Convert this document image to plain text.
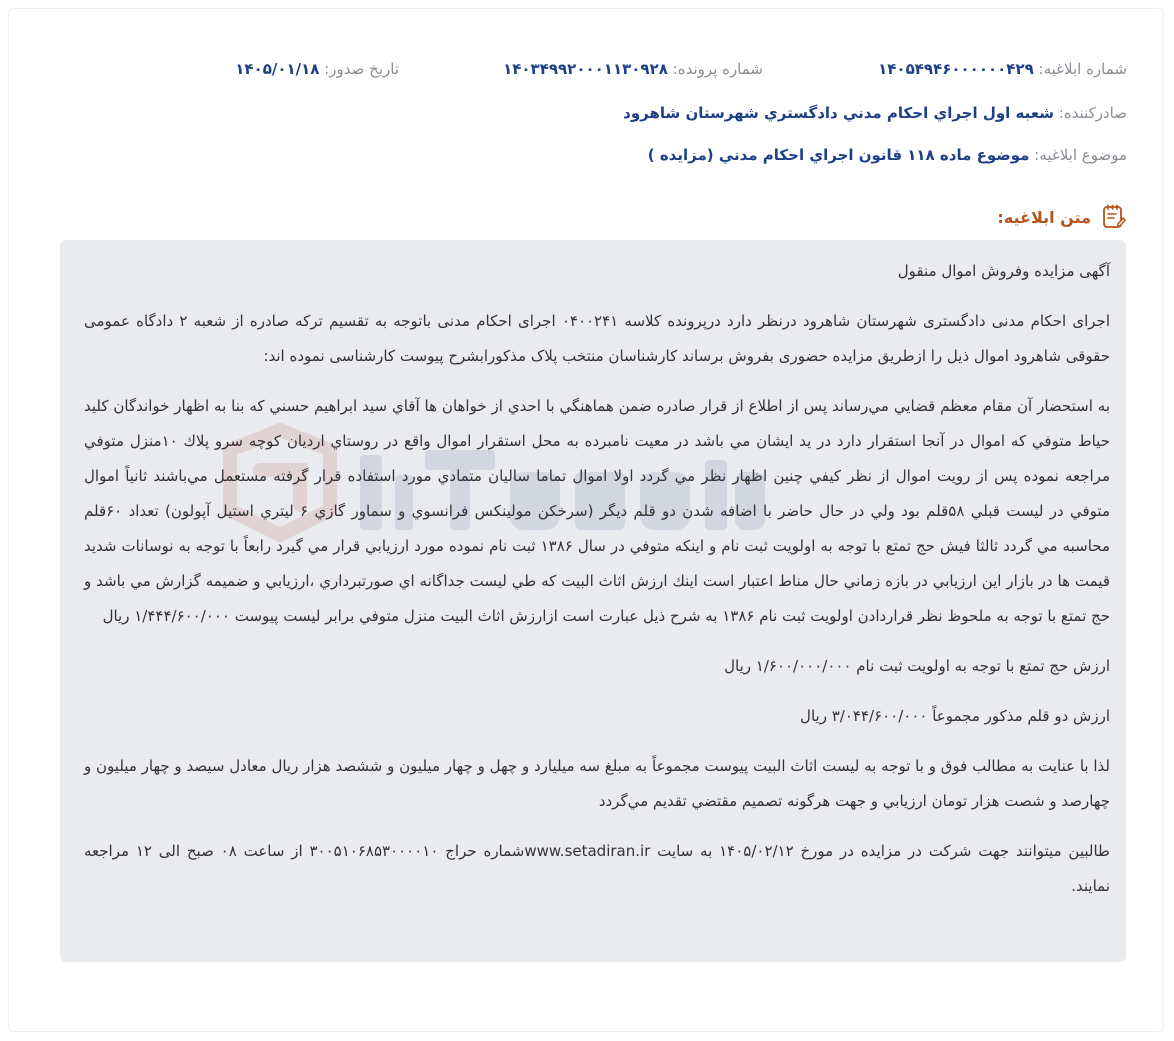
شماره ابلاغیه: ۱۴۰۵۴۹۴۶۰۰۰۰۰۰۴۲۹
شماره پرونده: ۱۴۰۳۴۹۹۲۰۰۰۱۱۳۰۹۲۸
تاریخ صدور: ۱۴۰۵/۰۱/۱۸
صادرکننده: شعبه اول اجراي احكام مدني دادگستري شهرستان شاهرود
موضوع ابلاغیه: موضوع ماده ١١٨ قانون اجراي احكام مدني (مزايده )
متن ابلاغیه:

آگهی مزایده وفروش اموال منقول

اجرای احکام مدنی دادگستری شهرستان شاهرود درنظر دارد درپرونده کلاسه ۰۴۰۰۲۴۱ اجرای احکام مدنی باتوجه به تقسیم ترکه صادره از شعبه ۲ دادگاه عمومی حقوقی شاهرود اموال ذیل را ازطریق مزایده حضوری بفروش برساند کارشناسان منتخب پلاک مذکورابشرح پیوست کارشناسی نموده اند:

به استحضار آن مقام معظم قضايي مي‌رساند پس از اطلاع از قرار صادره ضمن هماهنگي با احدي از خواهان ها آقاي سيد ابراهيم حسني كه بنا به اظهار خواندگان كليد حياط متوفي كه اموال در آنجا استقرار دارد در يد ايشان مي باشد در معيت نامبرده به محل استقرار اموال واقع در روستاي ارديان كوچه سرو پلاك ۱۰منزل متوفي مراجعه نموده پس از رويت اموال از نظر كيفي چنين اظهار نظر مي گردد اولا اموال تماما ساليان متمادي مورد استفاده قرار گرفته مستعمل مي‌باشند ثانياً اموال متوفي در ليست قبلي ۵۸قلم بود ولي در حال حاضر با اضافه شدن دو قلم ديگر (سرخكن مولينكس فرانسوي و سماور گازي ۶ ليتري استيل آپولون) تعداد ۶۰قلم محاسبه مي گردد ثالثا فيش حج تمتع با توجه به اولويت ثبت نام و اينكه متوفي در سال ۱۳۸۶ ثبت نام نموده مورد ارزيابي قرار مي گيرد رابعاً با توجه به نوسانات شديد قيمت ها در بازار اين ارزيابي در بازه زماني حال مناط اعتبار است اينك ارزش اثاث البيت كه طي ليست جداگانه اي صورتبرداري ،ارزيابي و ضميمه گزارش مي باشد و حج تمتع با توجه به ملحوظ نظر قراردادن اولويت ثبت نام ۱۳۸۶ به شرح ذيل عبارت است ازارزش اثاث البيت منزل متوفي برابر ليست پيوست ۱/۴۴۴/۶۰۰/۰۰۰ ريال

ارزش حج تمتع با توجه به اولويت ثبت نام ۱/۶۰۰/۰۰۰/۰۰۰ ريال

ارزش دو قلم مذكور مجموعاً ۳/۰۴۴/۶۰۰/۰۰۰ ريال

لذا با عنايت به مطالب فوق و با توجه به ليست اثاث البيت پيوست مجموعاً به مبلغ سه ميليارد و چهل و چهار ميليون و ششصد هزار ريال معادل سيصد و چهار ميليون و چهارصد و شصت هزار تومان ارزيابي و جهت هرگونه تصميم مقتضي تقديم مي‌گردد

طالبین میتوانند جهت شرکت در مزایده در مورخ ۱۴۰۵/۰۲/۱۲ به سایت www.setadiran.irشماره حراج ۳۰۰۵۱۰۶۸۵۳۰۰۰۰۱۰ از ساعت ۰۸ صبح الی ۱۲ مراجعه نمایند.
